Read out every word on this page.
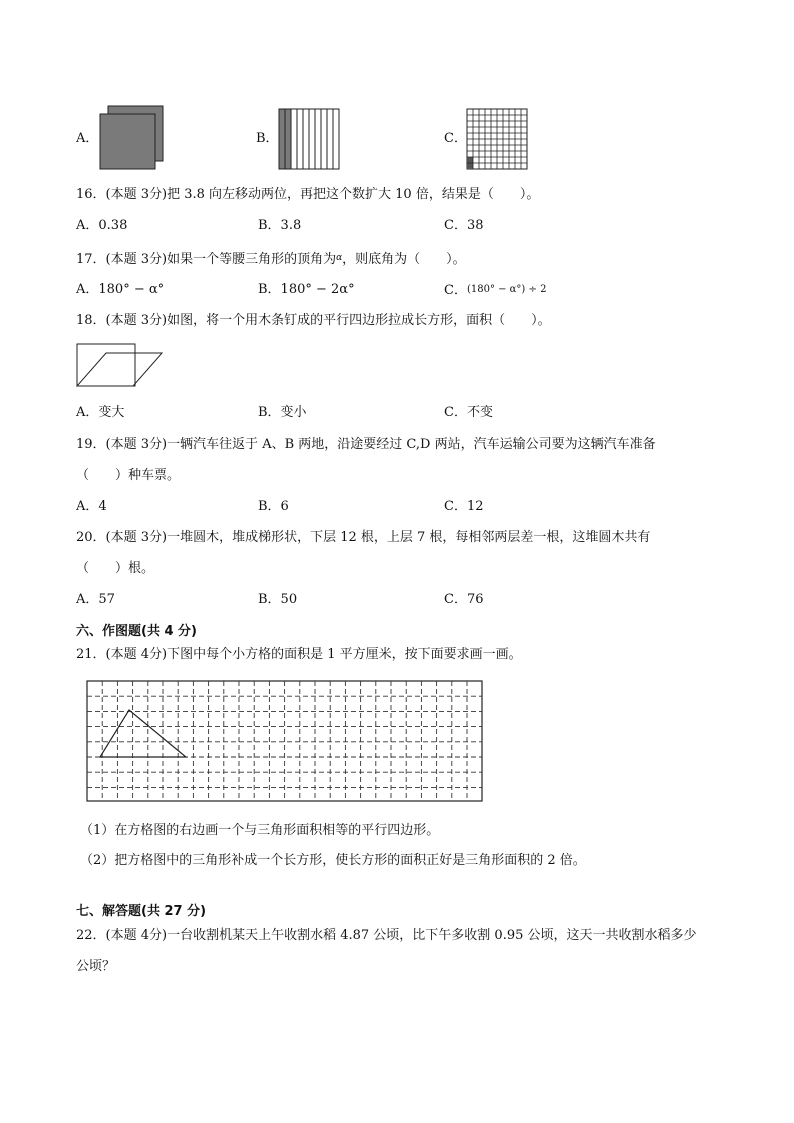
A．	B．	C．
16．(本题 3分)把 3.8 向左移动两位，再把这个数扩大 10 倍，结果是（　　）。
A．0.38	B．3.8	C．38
17．(本题 3分)如果一个等腰三角形的顶角为$^\alpha$，则底角为（　　）。
A．180° − α°	B．180° − 2α°	C．(180° − α°) ÷ 2
18．(本题 3分)如图，将一个用木条钉成的平行四边形拉成长方形，面积（　　）。
A．变大	B．变小	C．不变
19．(本题 3分)一辆汽车往返于 A、B 两地，沿途要经过 C,D 两站，汽车运输公司要为这辆汽车准备
（　　）种车票。
A．4	B．6	C．12
20．(本题 3分)一堆圆木，堆成梯形状，下层 12 根，上层 7 根，每相邻两层差一根，这堆圆木共有
（　　）根。
A．57	B．50	C．76
六、作图题(共 4 分)
21．(本题 4分)下图中每个小方格的面积是 1 平方厘米，按下面要求画一画。
（1）在方格图的右边画一个与三角形面积相等的平行四边形。
（2）把方格图中的三角形补成一个长方形，使长方形的面积正好是三角形面积的 2 倍。
七、解答题(共 27 分)
22．(本题 4分)一台收割机某天上午收割水稻 4.87 公顷，比下午多收割 0.95 公顷，这天一共收割水稻多少
公顷？
